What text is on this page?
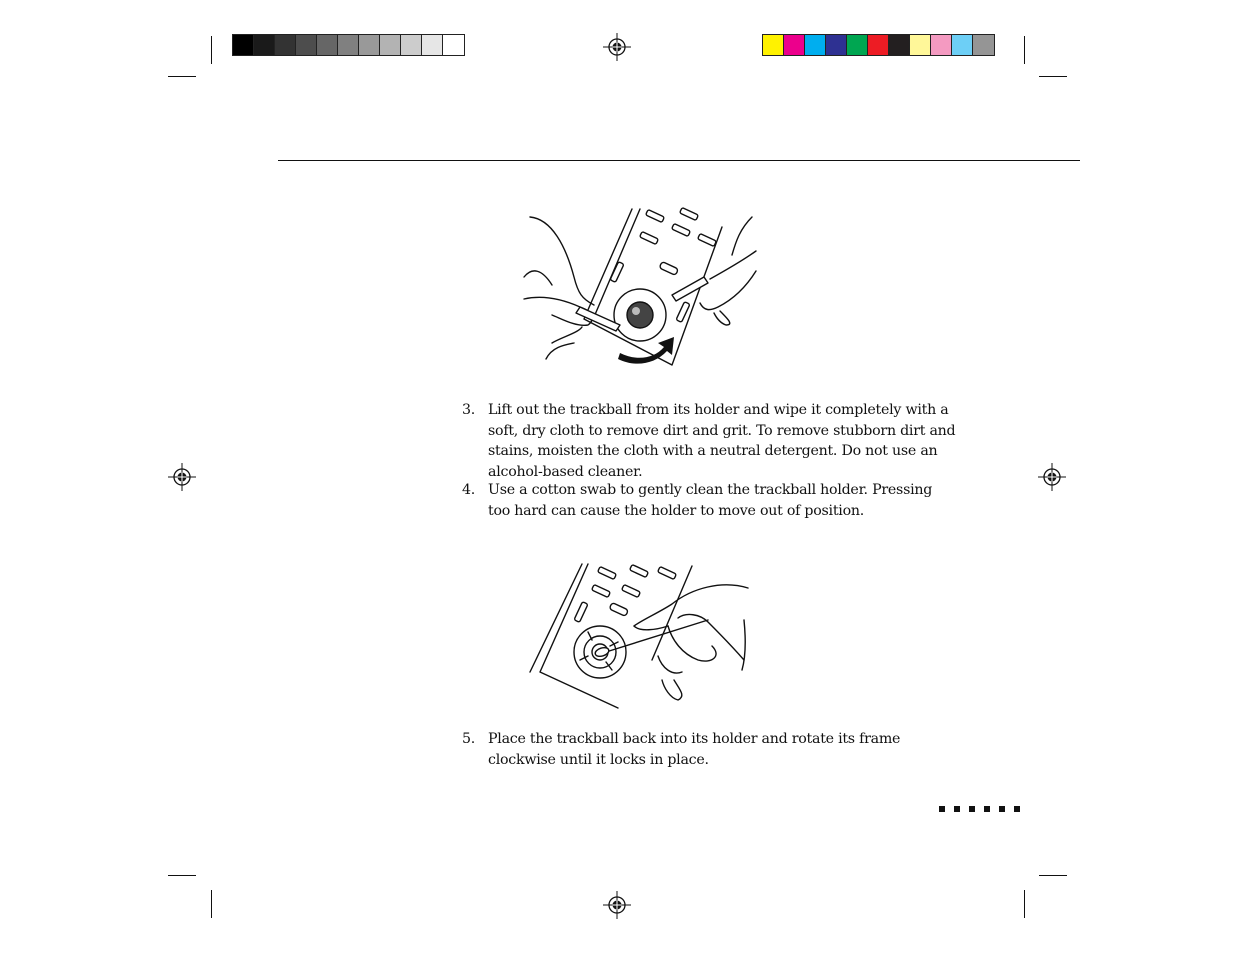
3. Lift out the trackball from its holder and wipe it completely with a soft, dry cloth to remove dirt and grit. To remove stubborn dirt and stains, moisten the cloth with a neutral detergent. Do not use an alcohol-based cleaner.
4. Use a cotton swab to gently clean the trackball holder. Pressing too hard can cause the holder to move out of position.
5. Place the trackball back into its holder and rotate its frame clockwise until it locks in place.
